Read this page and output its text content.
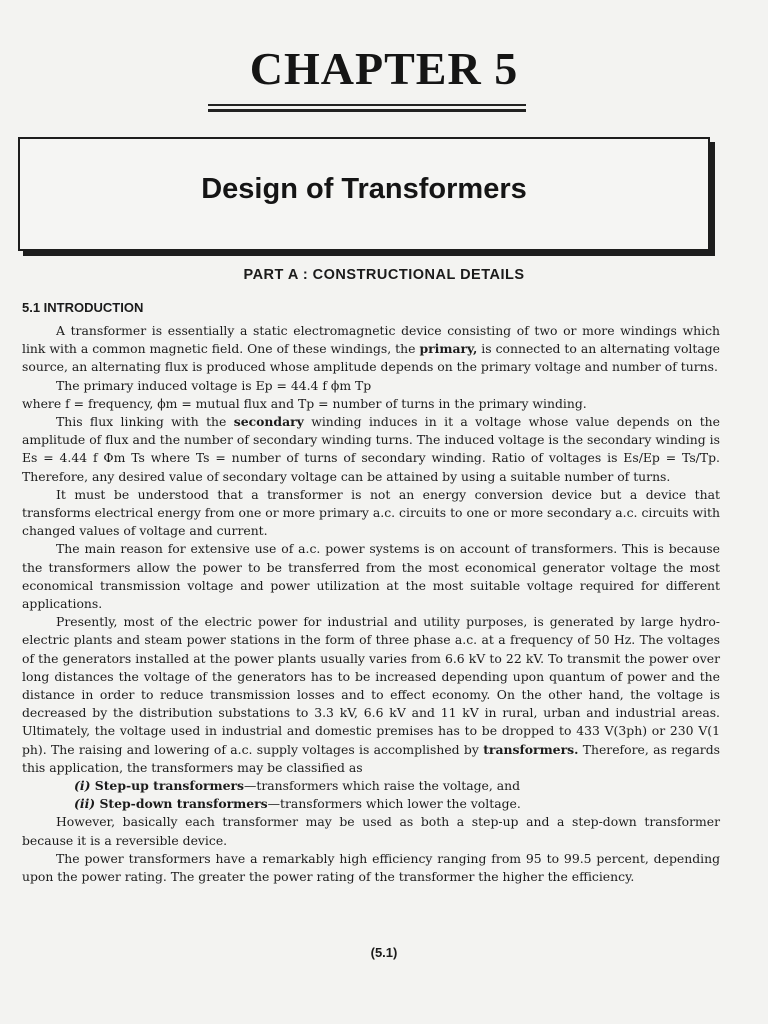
CHAPTER 5
Design of Transformers
PART A : CONSTRUCTIONAL DETAILS
5.1 INTRODUCTION

A transformer is essentially a static electromagnetic device consisting of two or more windings which link with a common magnetic field. One of these windings, the primary, is connected to an alternating voltage source, an alternating flux is produced whose amplitude depends on the primary voltage and number of turns.

The primary induced voltage is Ep = 44.4 f ϕm Tp

where f = frequency, ϕm = mutual flux and Tp = number of turns in the primary winding.

This flux linking with the secondary winding induces in it a voltage whose value depends on the amplitude of flux and the number of secondary winding turns. The induced voltage is the secondary winding is Es = 4.44 f Φm Ts where Ts = number of turns of secondary winding. Ratio of voltages is Es/Ep = Ts/Tp. Therefore, any desired value of secondary voltage can be attained by using a suitable number of turns.

It must be understood that a transformer is not an energy conversion device but a device that transforms electrical energy from one or more primary a.c. circuits to one or more secondary a.c. circuits with changed values of voltage and current.

The main reason for extensive use of a.c. power systems is on account of transformers. This is because the transformers allow the power to be transferred from the most economical generator voltage the most economical transmission voltage and power utilization at the most suitable voltage required for different applications.

Presently, most of the electric power for industrial and utility purposes, is generated by large hydro-electric plants and steam power stations in the form of three phase a.c. at a frequency of 50 Hz. The voltages of the generators installed at the power plants usually varies from 6.6 kV to 22 kV. To transmit the power over long distances the voltage of the generators has to be increased depending upon quantum of power and the distance in order to reduce transmission losses and to effect economy. On the other hand, the voltage is decreased by the distribution substations to 3.3 kV, 6.6 kV and 11 kV in rural, urban and industrial areas. Ultimately, the voltage used in industrial and domestic premises has to be dropped to 433 V(3ph) or 230 V(1 ph). The raising and lowering of a.c. supply voltages is accomplished by transformers. Therefore, as regards this application, the transformers may be classified as

(i) Step-up transformers—transformers which raise the voltage, and
(ii) Step-down transformers—transformers which lower the voltage.

However, basically each transformer may be used as both a step-up and a step-down transformer because it is a reversible device.

The power transformers have a remarkably high efficiency ranging from 95 to 99.5 percent, depending upon the power rating. The greater the power rating of the transformer the higher the efficiency.

(5.1)
